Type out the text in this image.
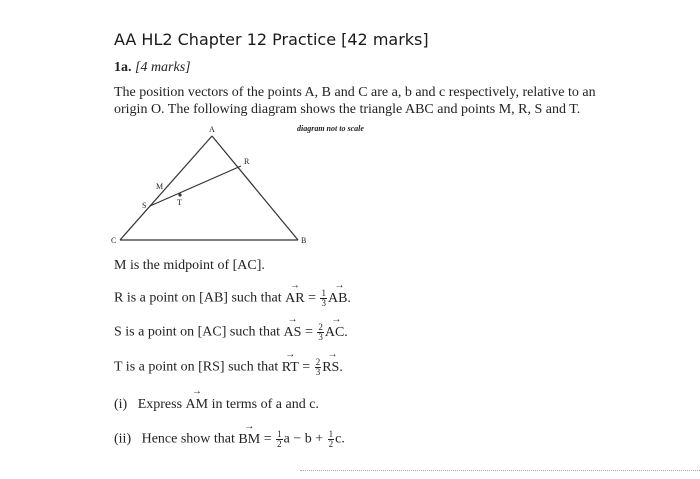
AA HL2 Chapter 12 Practice [42 marks]
1a. [4 marks]
The position vectors of the points A, B and C are a, b and c respectively, relative to an
origin O. The following diagram shows the triangle ABC and points M, R, S and T.
diagram not to scale
A
B
C
M
R
S	T
M is the midpoint of [AC].
R is a point on [AB] such that → AR = $\frac{1}{3}$ → AB.
S is a point on [AC] such that → AS = $\frac{2}{3}$ → AC.
T is a point on [RS] such that → RT = $\frac{2}{3}$ → RS.
(i) Express → AM in terms of a and c.
(ii) Hence show that → BM = $\frac{1}{2}$ $a - b + \frac{1}{2} c$.
